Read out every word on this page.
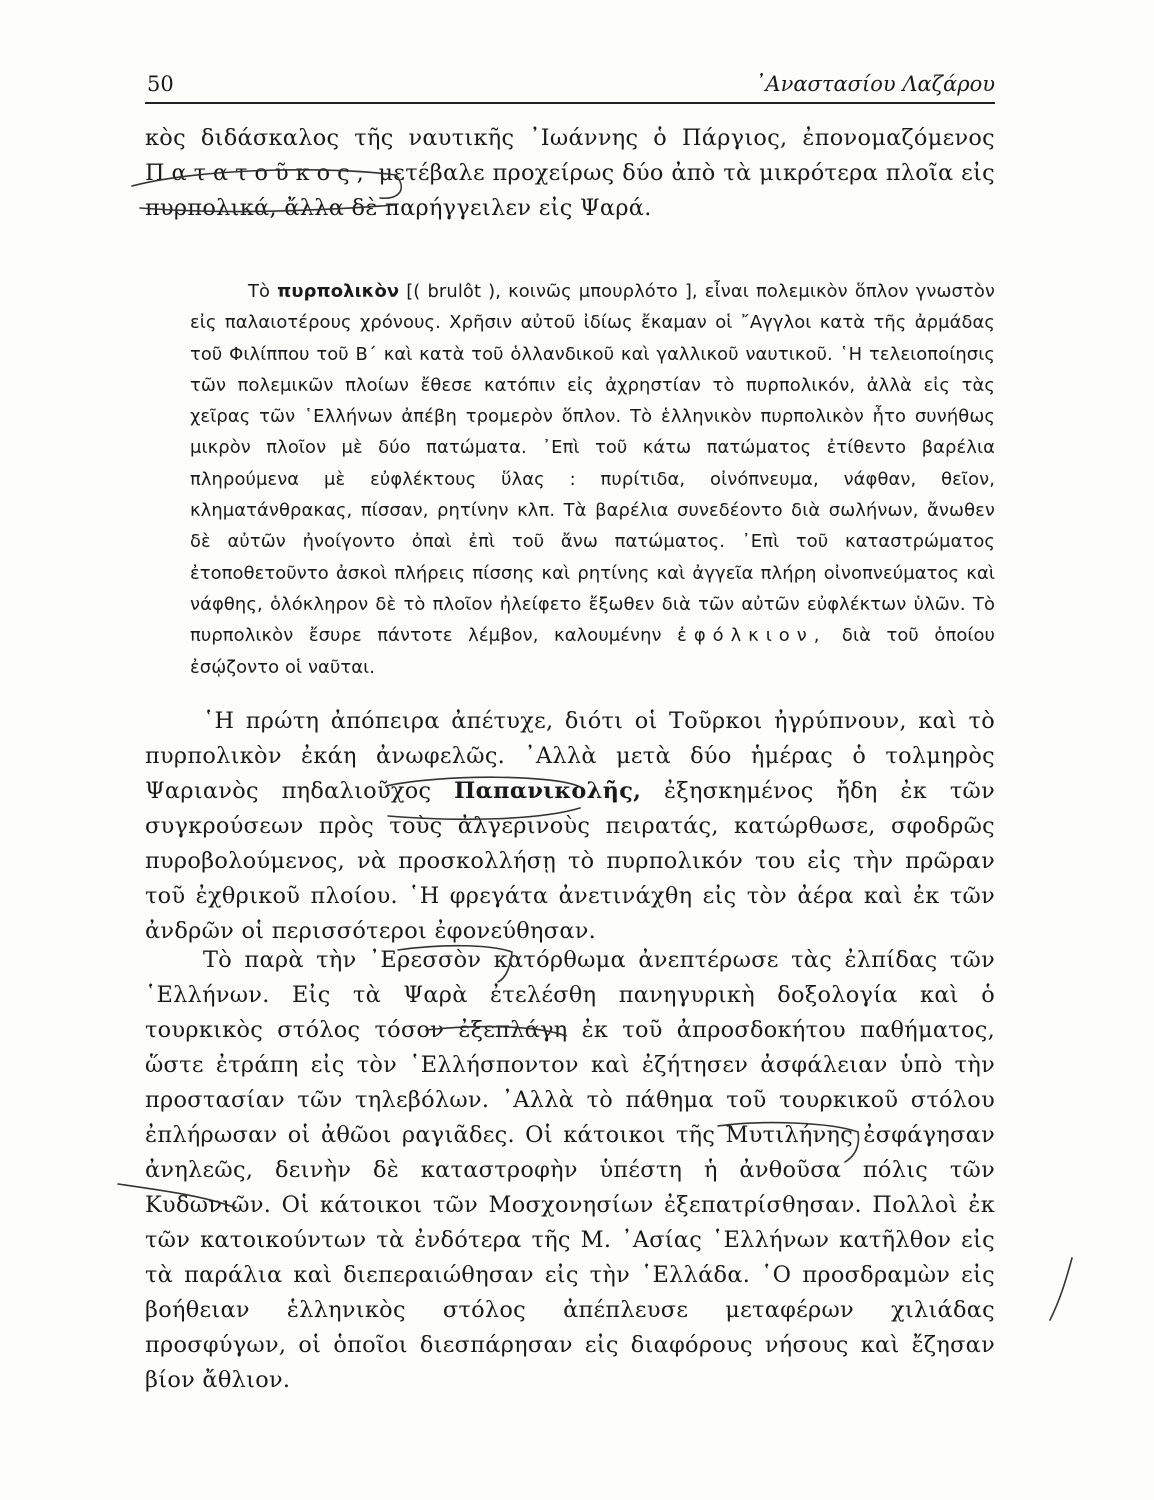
50	᾿Αναστασίου Λαζάρου

κὸς διδάσκαλος τῆς ναυτικῆς ᾿Ιωάννης ὁ Πάργιος, ἐπονομαζόμενος Πατατοῦκος, μετέβαλε προχείρως δύο ἀπὸ τὰ μικρότερα πλοῖα εἰς πυρπολικά, ἄλλα δὲ παρήγγειλεν εἰς Ψαρά.

Τὸ πυρπολικὸν [( brulôt ), κοινῶς μπουρλότο ], εἶναι πολεμικὸν ὅπλον γνωστὸν εἰς παλαιοτέρους χρόνους. Χρῆσιν αὐτοῦ ἰδίως ἔκαμαν οἱ ῎Αγγλοι κατὰ τῆς ἀρμάδας τοῦ Φιλίππου τοῦ Β΄ καὶ κατὰ τοῦ ὁλλανδικοῦ καὶ γαλλικοῦ ναυτικοῦ. ῾Η τελειοποίησις τῶν πολεμικῶν πλοίων ἔθεσε κατόπιν εἰς ἀχρηστίαν τὸ πυρπολικόν, ἀλλὰ εἰς τὰς χεῖρας τῶν ῾Ελλήνων ἀπέβη τρομερὸν ὅπλον. Τὸ ἑλληνικὸν πυρπολικὸν ἦτο συνήθως μικρὸν πλοῖον μὲ δύο πατώματα. ᾿Επὶ τοῦ κάτω πατώματος ἐτίθεντο βαρέλια πληρούμενα μὲ εὐφλέκτους ὕλας : πυρίτιδα, οἰνόπνευμα, νάφθαν, θεῖον, κληματάνθρακας, πίσσαν, ρητίνην κλπ. Τὰ βαρέλια συνεδέοντο διὰ σωλήνων, ἄνωθεν δὲ αὐτῶν ἠνοίγοντο ὀπαὶ ἐπὶ τοῦ ἄνω πατώματος. ᾿Επὶ τοῦ καταστρώματος ἐτοποθετοῦντο ἀσκοὶ πλήρεις πίσσης καὶ ρητίνης καὶ ἀγγεῖα πλήρη οἰνοπνεύματος καὶ νάφθης, ὁλόκληρον δὲ τὸ πλοῖον ἠλείφετο ἔξωθεν διὰ τῶν αὐτῶν εὐφλέκτων ὑλῶν. Τὸ πυρπολικὸν ἔσυρε πάντοτε λέμβον, καλουμένην ἐφόλκιον, διὰ τοῦ ὁποίου ἐσῴζοντο οἱ ναῦται.

῾Η πρώτη ἀπόπειρα ἀπέτυχε, διότι οἱ Τοῦρκοι ἠγρύπνουν, καὶ τὸ πυρπολικὸν ἐκάη ἀνωφελῶς. ᾿Αλλὰ μετὰ δύο ἡμέρας ὁ τολμηρὸς Ψαριανὸς πηδαλιοῦχος Παπανικολῆς, ἐξησκημένος ἤδη ἐκ τῶν συγκρούσεων πρὸς τοὺς ἀλγερινοὺς πειρατάς, κατώρθωσε, σφοδρῶς πυροβολούμενος, νὰ προσκολλήσῃ τὸ πυρπολικόν του εἰς τὴν πρῶραν τοῦ ἐχθρικοῦ πλοίου. ῾Η φρεγάτα ἀνετινάχθη εἰς τὸν ἀέρα καὶ ἐκ τῶν ἀνδρῶν οἱ περισσότεροι ἐφονεύθησαν.

Τὸ παρὰ τὴν ᾿Ερεσσὸν κατόρθωμα ἀνεπτέρωσε τὰς ἐλπίδας τῶν ῾Ελλήνων. Εἰς τὰ Ψαρὰ ἐτελέσθη πανηγυρικὴ δοξολογία καὶ ὁ τουρκικὸς στόλος τόσον ἐξεπλάγη ἐκ τοῦ ἀπροσδοκήτου παθήματος, ὥστε ἐτράπη εἰς τὸν ῾Ελλήσποντον καὶ ἐζήτησεν ἀσφάλειαν ὑπὸ τὴν προστασίαν τῶν τηλεβόλων. ᾿Αλλὰ τὸ πάθημα τοῦ τουρκικοῦ στόλου ἐπλήρωσαν οἱ ἀθῶοι ραγιᾶδες. Οἱ κάτοικοι τῆς Μυτιλήνης ἐσφάγησαν ἀνηλεῶς, δεινὴν δὲ καταστροφὴν ὑπέστη ἡ ἀνθοῦσα πόλις τῶν Κυδωνιῶν. Οἱ κάτοικοι τῶν Μοσχονησίων ἐξεπατρίσθησαν. Πολλοὶ ἐκ τῶν κατοικούντων τὰ ἐνδότερα τῆς Μ. ᾿Ασίας ῾Ελλήνων κατῆλθον εἰς τὰ παράλια καὶ διεπεραιώθησαν εἰς τὴν ῾Ελλάδα. ῾Ο προσδραμὼν εἰς βοήθειαν ἑλληνικὸς στόλος ἀπέπλευσε μεταφέρων χιλιάδας προσφύγων, οἱ ὁποῖοι διεσπάρησαν εἰς διαφόρους νήσους καὶ ἔζησαν βίον ἄθλιον.
